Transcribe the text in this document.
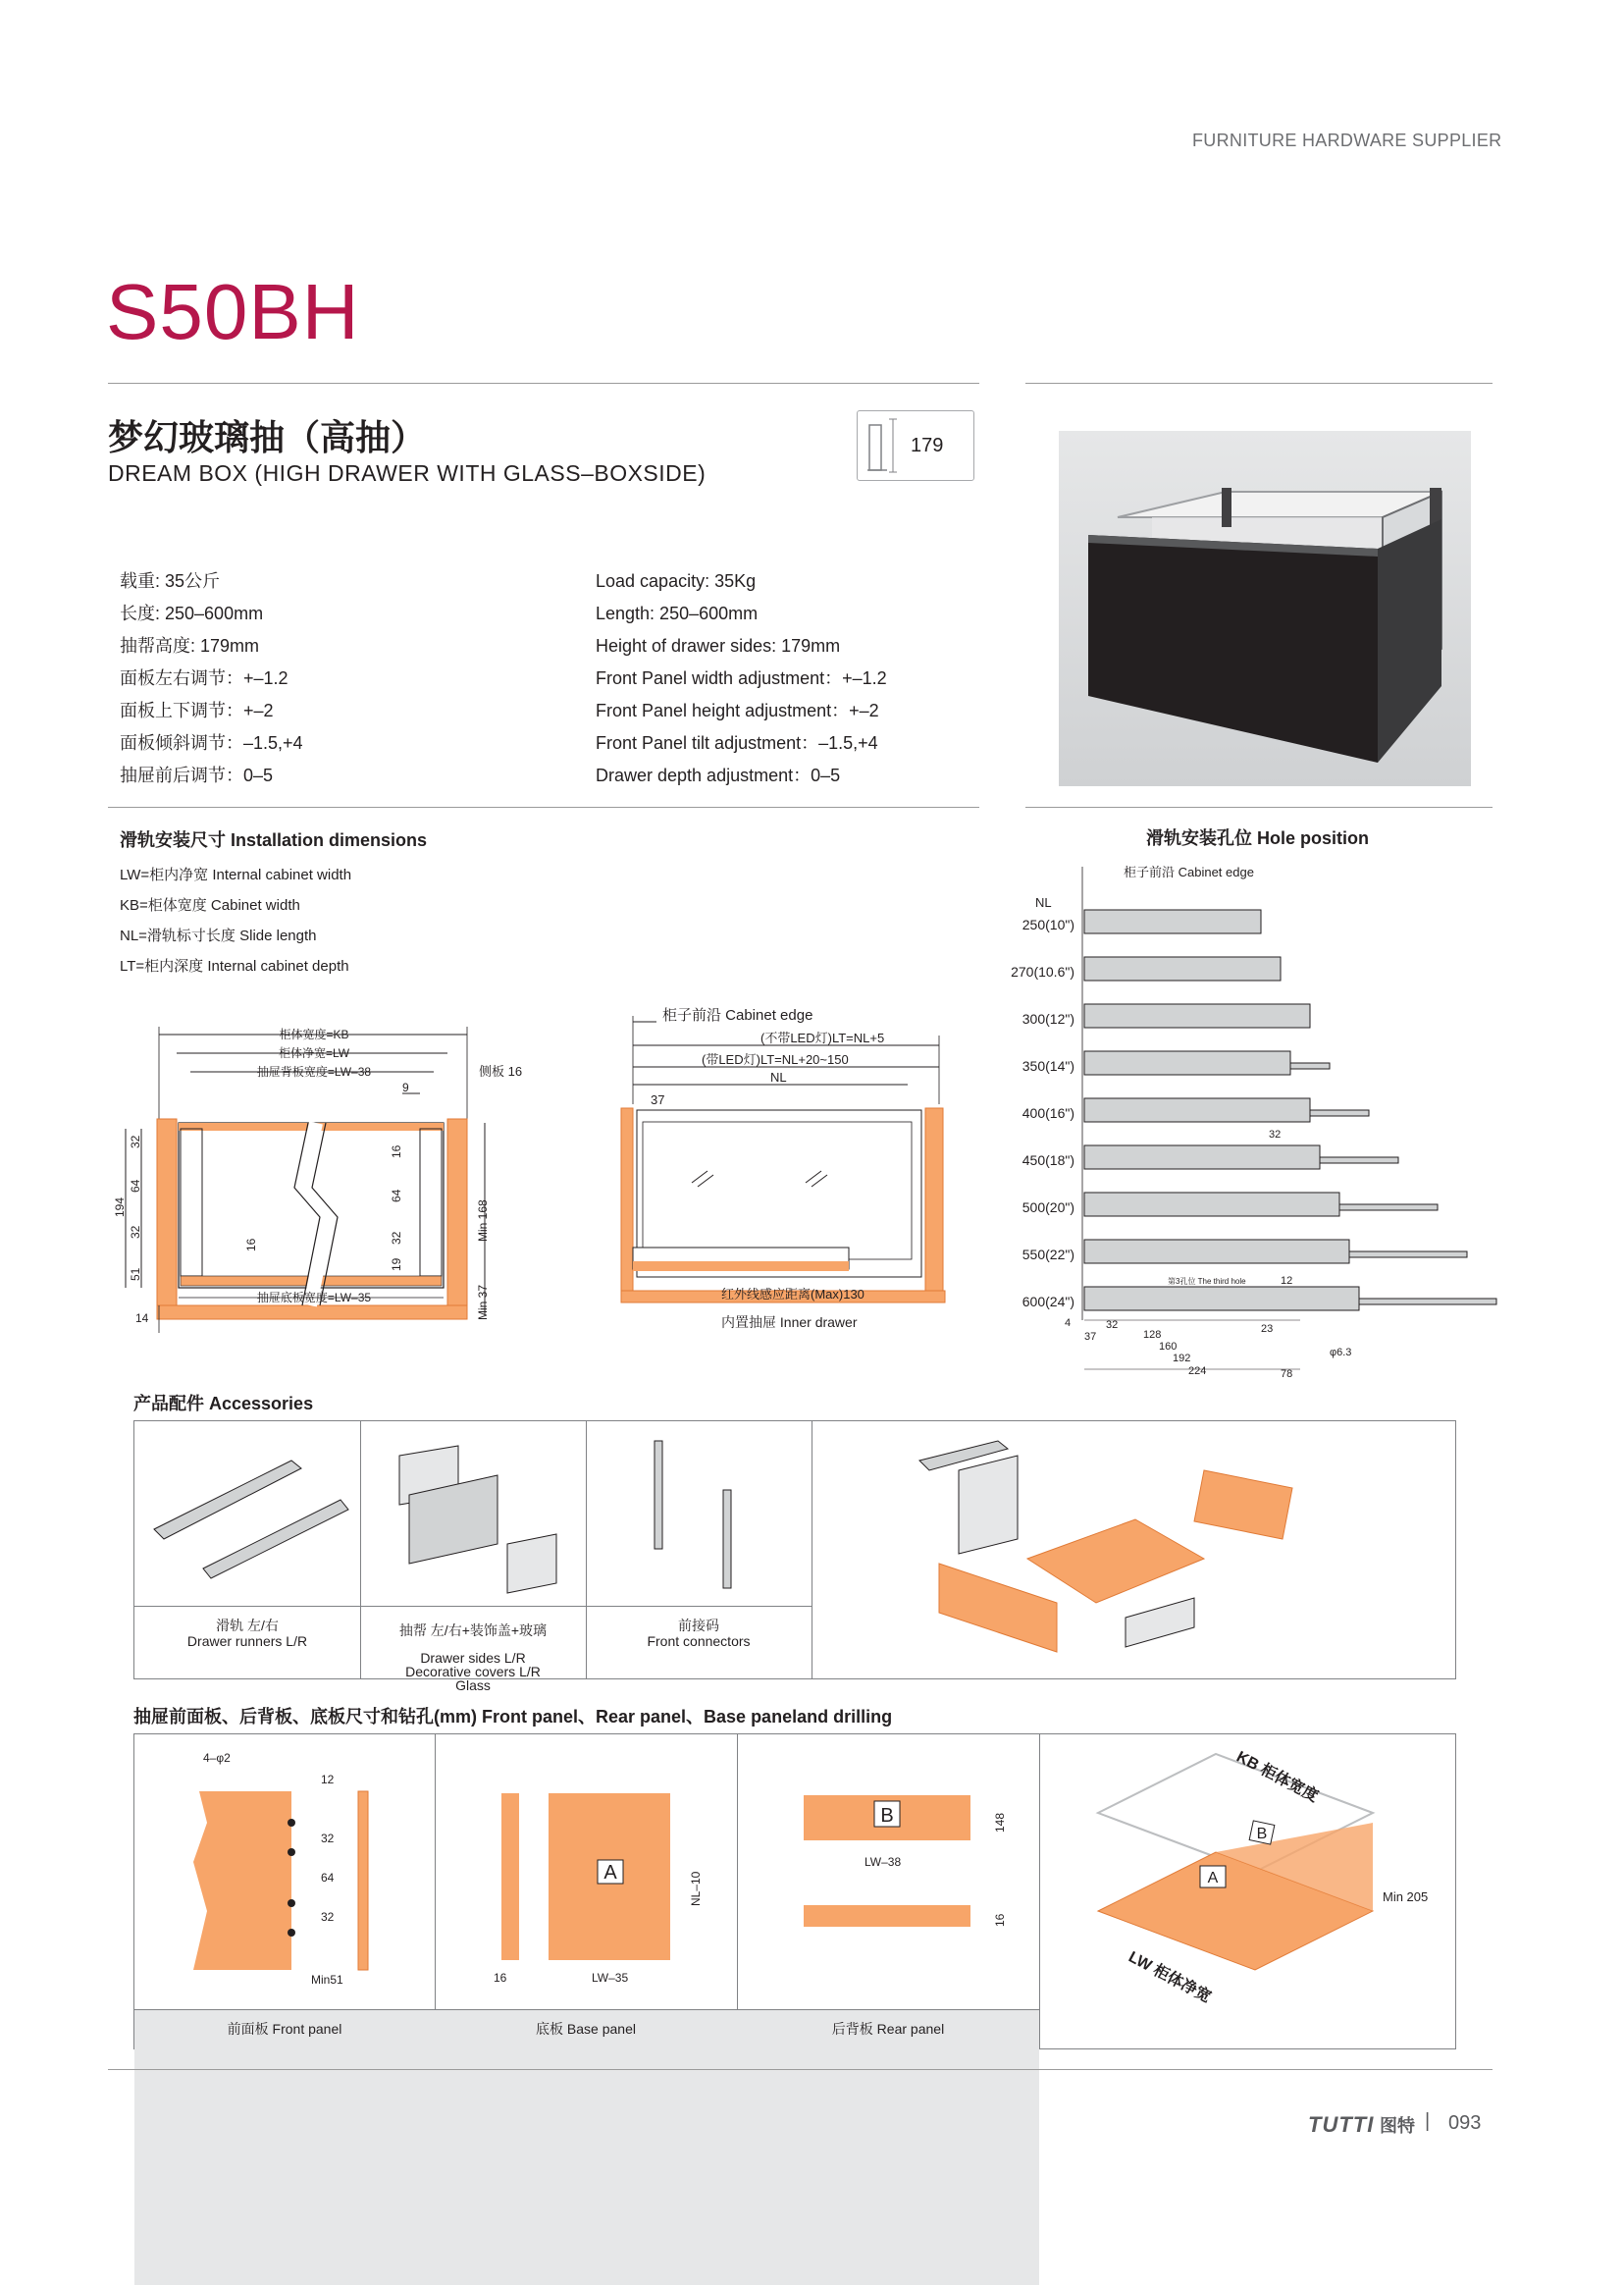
FURNITURE HARDWARE SUPPLIER
S50BH
梦幻玻璃抽（高抽）
DREAM BOX (HIGH DRAWER WITH GLASS–BOXSIDE)
179
载重: 35公斤
长度: 250–600mm
抽帮高度: 179mm
面板左右调节：+–1.2
面板上下调节：+–2
面板倾斜调节：–1.5,+4
抽屉前后调节：0–5
Load capacity: 35Kg
Length: 250–600mm
Height of drawer sides: 179mm
Front Panel width adjustment：+–1.2
Front Panel height adjustment：+–2
Front Panel tilt adjustment：–1.5,+4
Drawer depth adjustment：0–5
滑轨安装尺寸 Installation dimensions
LW=柜内净宽 Internal cabinet width
KB=柜体宽度 Cabinet width
NL=滑轨标寸长度 Slide length
LT=柜内深度 Internal cabinet depth
柜体宽度=KB
柜体净宽=LW
抽屉背板宽度=LW–38	侧板 16
9
抽屉底板宽度=LW–35
14
194
51
32
64
32
16
16
64
32
19
Min 168
Min 37
柜子前沿 Cabinet edge
(不带LED灯)LT=NL+5
(带LED灯)LT=NL+20~150
NL
37
红外线感应距离(Max)130
内置抽屉 Inner drawer
滑轨安装孔位 Hole position
柜子前沿 Cabinet edge
NL
250(10")
270(10.6")
300(12")
350(14")
400(16")
450(18")
500(20")
550(22")
600(24")
第3孔位 The third hole
32
12
4
37
32
128
160
192
224
23
78
φ6.3
产品配件 Accessories
滑轨 左/右
Drawer runners L/R

抽帮 左/右+装饰盖+玻璃

Drawer sides L/R
Decorative covers L/R
Glass

前接码
Front connectors
抽屉前面板、后背板、底板尺寸和钻孔(mm) Front panel、Rear panel、Base paneland drilling
4–φ2
12
32
64
32
Min51
前面板 Front panel
A	NL–10
16	LW–35
底板 Base panel
B	148
LW–38
16
后背板 Rear panel
B
A
KB 柜体宽度
LW 柜体净宽
Min 205
TUTTI 图特 | 093
